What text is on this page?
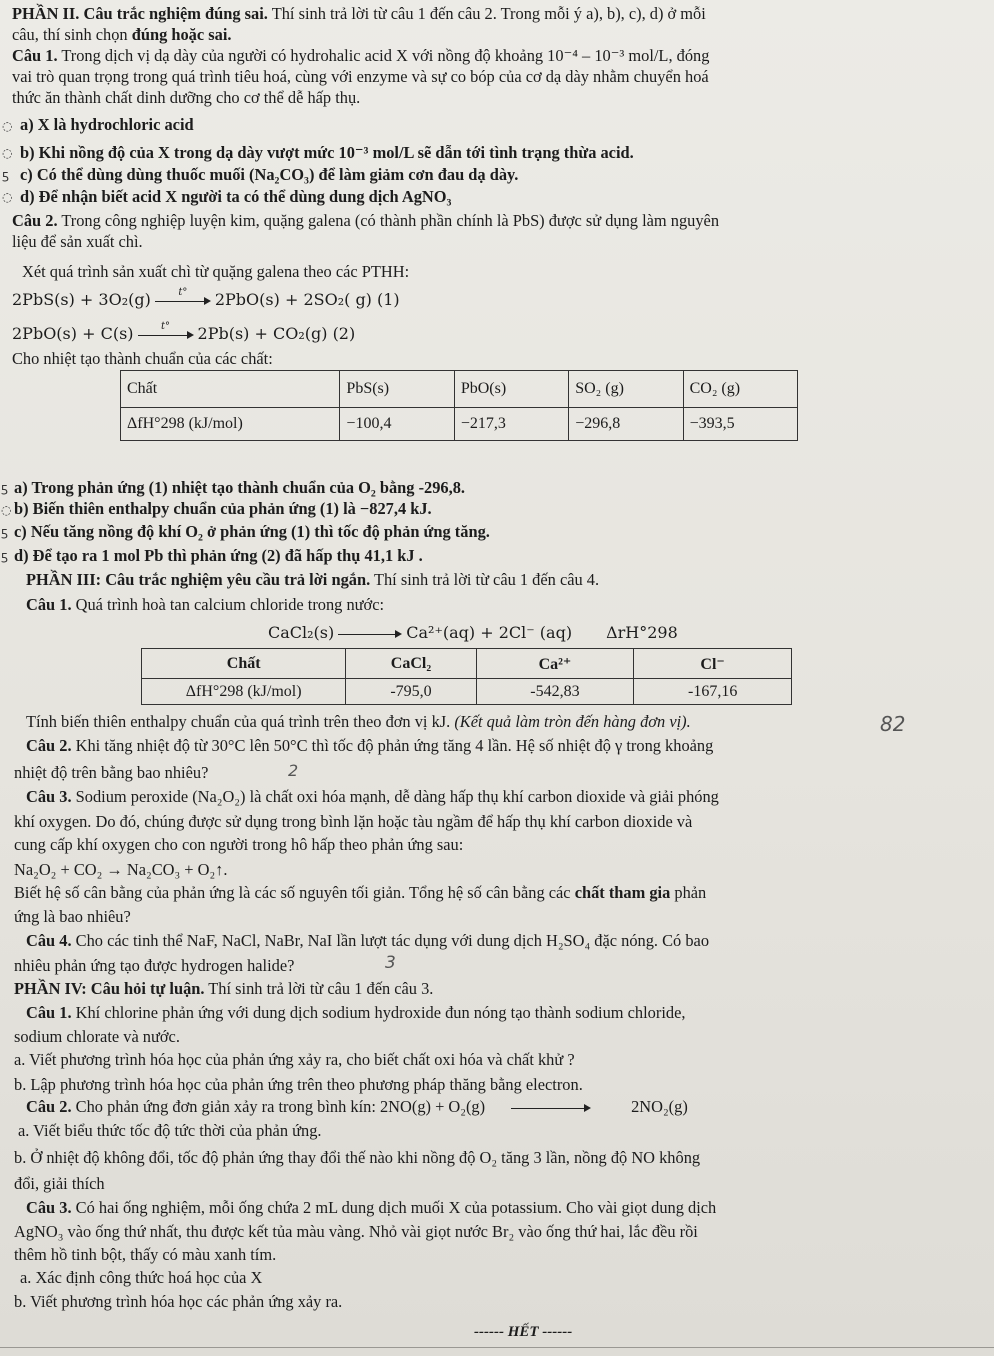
PHẦN II. Câu trắc nghiệm đúng sai. Thí sinh trả lời từ câu 1 đến câu 2. Trong mỗi ý a), b), c), d) ở mỗi
câu, thí sinh chọn đúng hoặc sai.
Câu 1. Trong dịch vị dạ dày của người có hydrohalic acid X với nồng độ khoảng 10⁻⁴ – 10⁻³ mol/L, đóng
vai trò quan trọng trong quá trình tiêu hoá, cùng với enzyme và sự co bóp của cơ dạ dày nhằm chuyển hoá
thức ăn thành chất dinh dưỡng cho cơ thể dễ hấp thụ.
a) X là hydrochloric acid
b) Khi nồng độ của X trong dạ dày vượt mức 10⁻³ mol/L sẽ dẫn tới tình trạng thừa acid.
c) Có thể dùng dùng thuốc muối (Na₂CO₃) để làm giảm cơn đau dạ dày.
d) Để nhận biết acid X người ta có thể dùng dung dịch AgNO₃
Câu 2. Trong công nghiệp luyện kim, quặng galena (có thành phần chính là PbS) được sử dụng làm nguyên
liệu để sản xuất chì.
Xét quá trình sản xuất chì từ quặng galena theo các PTHH:
2PbS(s) + 3O₂(g)	t°	2PbO(s) + 2SO₂( g) (1)
2PbO(s) + C(s)	t°	2Pb(s) + CO₂(g) (2)
Cho nhiệt tạo thành chuẩn của các chất:
Chất	PbS(s)	PbO(s)	SO₂ (g)	CO₂ (g)
ΔfH°298 (kJ/mol)	−100,4	−217,3	−296,8	−393,5
a) Trong phản ứng (1) nhiệt tạo thành chuẩn của O₂ bằng -296,8.
b) Biến thiên enthalpy chuẩn của phản ứng (1) là −827,4 kJ.
c) Nếu tăng nồng độ khí O₂ ở phản ứng (1) thì tốc độ phản ứng tăng.
d) Để tạo ra 1 mol Pb thì phản ứng (2) đã hấp thụ 41,1 kJ .
PHẦN III: Câu trắc nghiệm yêu cầu trả lời ngắn. Thí sinh trả lời từ câu 1 đến câu 4.
Câu 1. Quá trình hoà tan calcium chloride trong nước:
CaCl₂(s)	Ca²⁺(aq) + 2Cl⁻ (aq) ΔrH°298
Chất	CaCl₂	Ca²⁺	Cl⁻
ΔfH°298 (kJ/mol)	-795,0	-542,83	-167,16
Tính biến thiên enthalpy chuẩn của quá trình trên theo đơn vị kJ. (Kết quả làm tròn đến hàng đơn vị).
Câu 2. Khi tăng nhiệt độ từ 30°C lên 50°C thì tốc độ phản ứng tăng 4 lần. Hệ số nhiệt độ γ trong khoảng
nhiệt độ trên bằng bao nhiêu?
Câu 3. Sodium peroxide (Na₂O₂) là chất oxi hóa mạnh, dễ dàng hấp thụ khí carbon dioxide và giải phóng
khí oxygen. Do đó, chúng được sử dụng trong bình lặn hoặc tàu ngầm để hấp thụ khí carbon dioxide và
cung cấp khí oxygen cho con người trong hô hấp theo phản ứng sau:
Na₂O₂ + CO₂ → Na₂CO₃ + O₂↑.
Biết hệ số cân bằng của phản ứng là các số nguyên tối giản. Tổng hệ số cân bằng các chất tham gia phản
ứng là bao nhiêu?
Câu 4. Cho các tinh thể NaF, NaCl, NaBr, NaI lần lượt tác dụng với dung dịch H₂SO₄ đặc nóng. Có bao
nhiêu phản ứng tạo được hydrogen halide?
PHẦN IV: Câu hỏi tự luận. Thí sinh trả lời từ câu 1 đến câu 3.
Câu 1. Khí chlorine phản ứng với dung dịch sodium hydroxide đun nóng tạo thành sodium chloride,
sodium chlorate và nước.
a. Viết phương trình hóa học của phản ứng xảy ra, cho biết chất oxi hóa và chất khử ?
b. Lập phương trình hóa học của phản ứng trên theo phương pháp thăng bằng electron.
Câu 2. Cho phản ứng đơn giản xảy ra trong bình kín: 2NO(g) + O₂(g)	2NO₂(g)
a. Viết biểu thức tốc độ tức thời của phản ứng.
b. Ở nhiệt độ không đổi, tốc độ phản ứng thay đổi thế nào khi nồng độ O₂ tăng 3 lần, nồng độ NO không
đổi, giải thích
Câu 3. Có hai ống nghiệm, mỗi ống chứa 2 mL dung dịch muối X của potassium. Cho vài giọt dung dịch
AgNO₃ vào ống thứ nhất, thu được kết tủa màu vàng. Nhỏ vài giọt nước Br₂ vào ống thứ hai, lắc đều rồi
thêm hồ tinh bột, thấy có màu xanh tím.
a. Xác định công thức hoá học của X
b. Viết phương trình hóa học các phản ứng xảy ra.
------ HẾT ------
◌
◌
ƽ
◌
ƽ
◌
ƽ
ƽ
82
2
3
